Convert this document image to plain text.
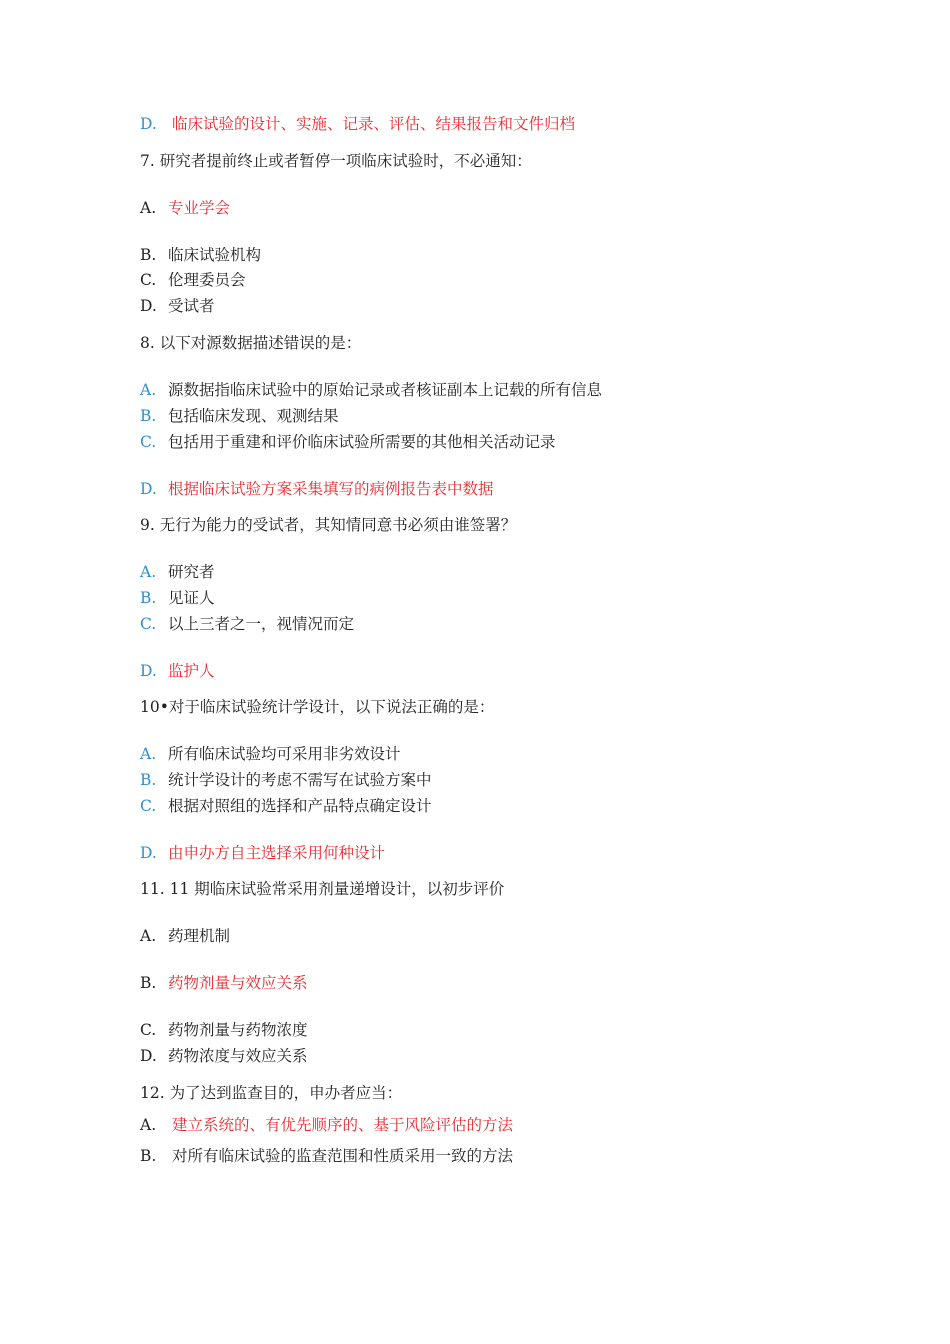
D. 临床试验的设计、实施、记录、评估、结果报告和文件归档
7. 研究者提前终止或者暂停一项临床试验时，不必通知：
A. 专业学会
B. 临床试验机构
C. 伦理委员会
D. 受试者
8. 以下对源数据描述错误的是：
A. 源数据指临床试验中的原始记录或者核证副本上记载的所有信息
B. 包括临床发现、观测结果
C. 包括用于重建和评价临床试验所需要的其他相关活动记录
D. 根据临床试验方案采集填写的病例报告表中数据
9. 无行为能力的受试者，其知情同意书必须由谁签署？
A. 研究者
B. 见证人
C. 以上三者之一，视情况而定
D. 监护人
10•对于临床试验统计学设计，以下说法正确的是：
A. 所有临床试验均可采用非劣效设计
B. 统计学设计的考虑不需写在试验方案中
C. 根据对照组的选择和产品特点确定设计
D. 由申办方自主选择采用何种设计
11. 11 期临床试验常采用剂量递增设计，以初步评价
A. 药理机制
B. 药物剂量与效应关系
C. 药物剂量与药物浓度
D. 药物浓度与效应关系
12. 为了达到监查目的，申办者应当：
A. 建立系统的、有优先顺序的、基于风险评估的方法
B. 对所有临床试验的监查范围和性质采用一致的方法
